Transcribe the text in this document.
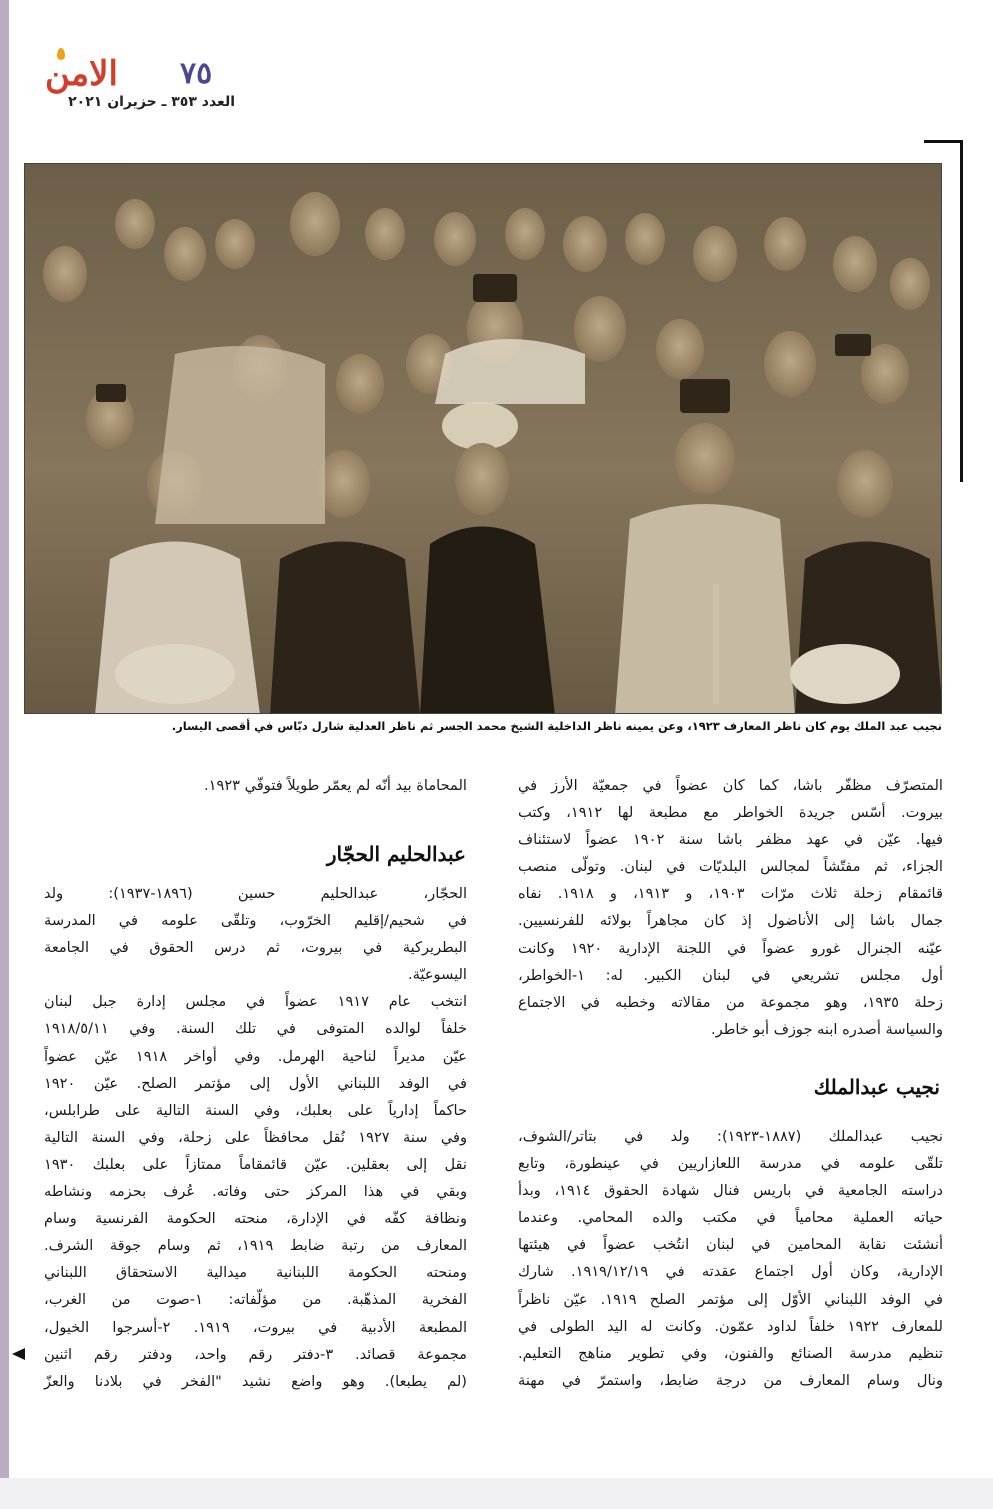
الامن ٧٥
العدد ٣٥٣ ـ حزيران ٢٠٢١
نجيب عبد الملك يوم كان ناظر المعارف ١٩٢٣، وعن يمينه ناظر الداخلية الشيخ محمد الجسر ثم ناظر العدلية شارل دبّاس في أقصى اليسار.

المتصرّف مظفّر باشا، كما كان عضواً في جمعيّة الأرز في

بيروت. أسّس جريدة الخواطر مع مطبعة لها ١٩١٢، وكتب

فيها. عيّن في عهد مظفر باشا سنة ١٩٠٢ عضواً لاستئناف

الجزاء، ثم مفتّشاً لمجالس البلديّات في لبنان. وتولّى منصب

قائمقام زحلة ثلاث مرّات ١٩٠٣، و ١٩١٣، و ١٩١٨. نفاه

جمال باشا إلى الأناضول إذ كان مجاهراً بولائه للفرنسيين.

عيّنه الجنرال غورو عضواً في اللجنة الإدارية ١٩٢٠ وكانت

أول مجلس تشريعي في لبنان الكبير. له: ١-الخواطر،

زحلة ١٩٣٥، وهو مجموعة من مقالاته وخطبه في الاجتماع

والسياسة أصدره ابنه جوزف أبو خاطر.

نجيب عبدالملك

نجيب عبدالملك (١٨٨٧-١٩٢٣): ولد في بتاتر/الشوف،

تلقّى علومه في مدرسة اللعازاريين في عينطورة، وتابع

دراسته الجامعية في باريس فنال شهادة الحقوق ١٩١٤، وبدأ

حياته العملية محامياً في مكتب والده المحامي. وعندما

أنشئت نقابة المحامين في لبنان انتُخب عضواً في هيئتها

الإدارية، وكان أول اجتماع عقدته في ١٩١٩/١٢/١٩. شارك

في الوفد اللبناني الأوّل إلى مؤتمر الصلح ١٩١٩. عيّن ناظراً

للمعارف ١٩٢٢ خلفاً لداود عمّون. وكانت له اليد الطولى في

تنظيم مدرسة الصنائع والفنون، وفي تطوير مناهج التعليم.

ونال وسام المعارف من درجة ضابط، واستمرّ في مهنة

المحاماة بيد أنّه لم يعمّر طويلاً فتوفّي ١٩٢٣.

عبدالحليم الحجّار

الحجّار، عبدالحليم حسين (١٨٩٦-١٩٣٧): ولد

في شحيم/إقليم الخرّوب، وتلقّى علومه في المدرسة

البطريركية في بيروت، ثم درس الحقوق في الجامعة

اليسوعيّة.

انتخب عام ١٩١٧ عضواً في مجلس إدارة جبل لبنان

خلفاً لوالده المتوفى في تلك السنة. وفي ١٩١٨/٥/١١

عيّن مديراً لناحية الهرمل. وفي أواخر ١٩١٨ عيّن عضواً

في الوفد اللبناني الأول إلى مؤتمر الصلح. عيّن ١٩٢٠

حاكماً إدارياً على بعلبك، وفي السنة التالية على طرابلس،

وفي سنة ١٩٢٧ نُقل محافظاً على زحلة، وفي السنة التالية

نقل إلى بعقلين. عيّن قائمقاماً ممتازاً على بعلبك ١٩٣٠

وبقي في هذا المركز حتى وفاته. عُرف بحزمه ونشاطه

ونظافة كفّه في الإدارة، منحته الحكومة الفرنسية وسام

المعارف من رتبة ضابط ١٩١٩، ثم وسام جوقة الشرف.

ومنحته الحكومة اللبنانية ميدالية الاستحقاق اللبناني

الفخرية المذهّبة. من مؤلّفاته: ١-صوت من الغرب،

المطبعة الأدبية في بيروت، ١٩١٩. ٢-أسرجوا الخيول،

مجموعة قصائد. ٣-دفتر رقم واحد، ودفتر رقم اثنين

(لم يطبعا). وهو واضع نشيد "الفخر في بلادنا والعزّ
